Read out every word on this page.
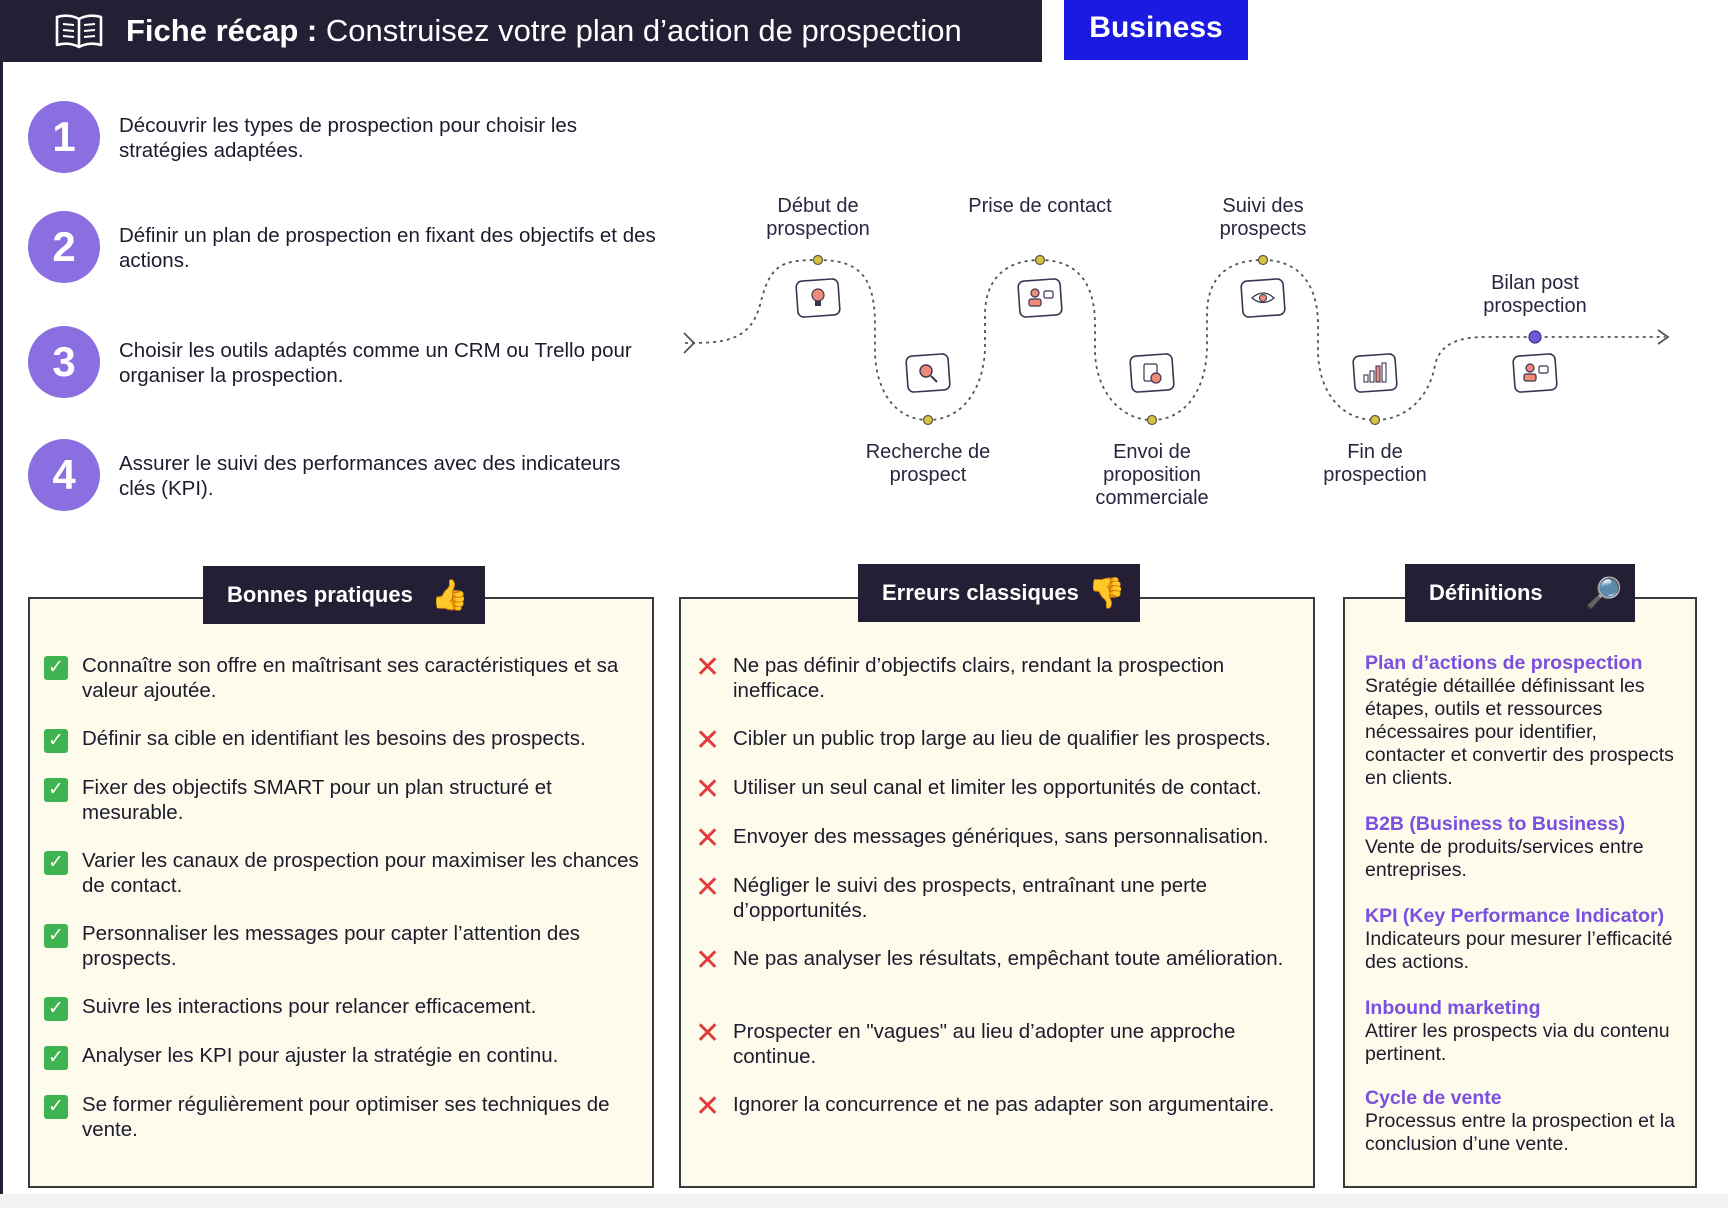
Fiche récap : Construisez votre plan d’action de prospection	Business
1	Découvrir les types de prospection pour choisir les stratégies adaptées.
2	Définir un plan de prospection en fixant des objectifs et des actions.
3	Choisir les outils adaptés comme un CRM ou Trello pour organiser la prospection.
4	Assurer le suivi des performances avec des indicateurs clés (KPI).
Début de prospection
Recherche de prospect
Prise de contact
Envoi de proposition commerciale
Suivi des prospects
Fin de prospection
Bilan post prospection
✓ Connaître son offre en maîtrisant ses caractéristiques et sa valeur ajoutée.
✓ Définir sa cible en identifiant les besoins des prospects.
✓ Fixer des objectifs SMART pour un plan structuré et mesurable.
✓ Varier les canaux de prospection pour maximiser les chances de contact.
✓ Personnaliser les messages pour capter l’attention des prospects.
✓ Suivre les interactions pour relancer efficacement.
✓ Analyser les KPI pour ajuster la stratégie en continu.
✓ Se former régulièrement pour optimiser ses techniques de vente.
Bonnes pratiques 👍
✕ Ne pas définir d’objectifs clairs, rendant la prospection inefficace.
✕ Cibler un public trop large au lieu de qualifier les prospects.
✕ Utiliser un seul canal et limiter les opportunités de contact.
✕ Envoyer des messages génériques, sans personnalisation.
✕ Négliger le suivi des prospects, entraînant une perte d’opportunités.
✕ Ne pas analyser les résultats, empêchant toute amélioration.
✕ Prospecter en "vagues" au lieu d’adopter une approche continue.
✕ Ignorer la concurrence et ne pas adapter son argumentaire.
Erreurs classiques 👎
Plan d’actions de prospection
Sratégie détaillée définissant les étapes, outils et ressources nécessaires pour identifier, contacter et convertir des prospects en clients.
B2B (Business to Business)
Vente de produits/services entre entreprises.
KPI (Key Performance Indicator)
Indicateurs pour mesurer l’efficacité des actions.
Inbound marketing
Attirer les prospects via du contenu pertinent.
Cycle de vente
Processus entre la prospection et la conclusion d’une vente.
Définitions 🔎
